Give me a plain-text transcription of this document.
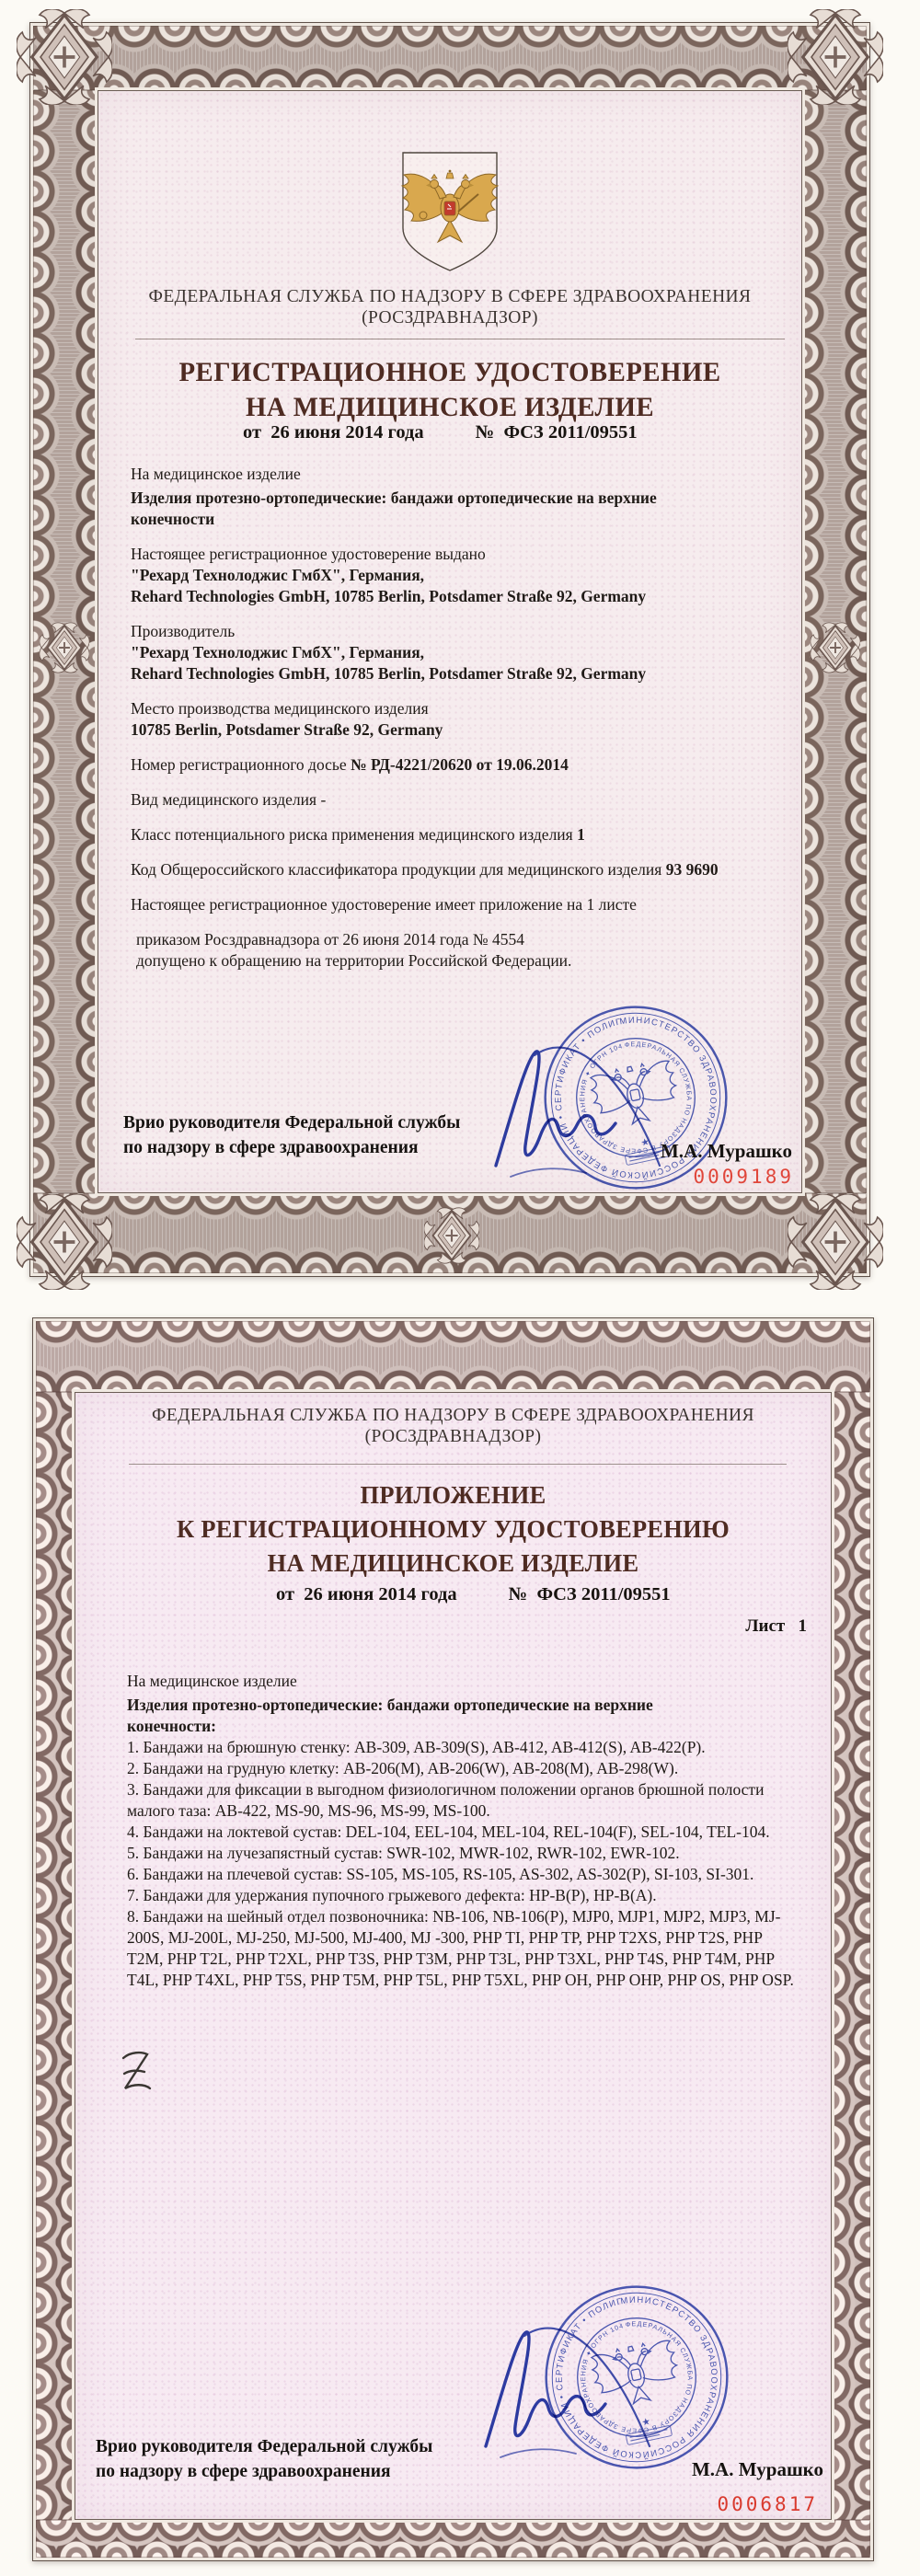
ФЕДЕРАЛЬНАЯ СЛУЖБА ПО НАДЗОРУ В СФЕРЕ ЗДРАВООХРАНЕНИЯ
(РОСЗДРАВНАДЗОР)
РЕГИСТРАЦИОННОЕ УДОСТОВЕРЕНИЕ
НА МЕДИЦИНСКОЕ ИЗДЕЛИЕ
от  26 июня 2014 года	№  ФСЗ 2011/09551
На медицинское изделие
Изделия протезно-ортопедические: бандажи ортопедические на верхние конечности
Настоящее регистрационное удостоверение выдано
"Рехард Технолоджис ГмбХ", Германия,
Rehard Technologies GmbH, 10785 Berlin, Potsdamer Straße 92, Germany
Производитель
"Рехард Технолоджис ГмбХ", Германия,
Rehard Technologies GmbH, 10785 Berlin, Potsdamer Straße 92, Germany
Место производства медицинского изделия
10785 Berlin, Potsdamer Straße 92, Germany
Номер регистрационного досье № РД-4221/20620 от 19.06.2014
Вид медицинского изделия -
Класс потенциального риска применения медицинского изделия 1
Код Общероссийского классификатора продукции для медицинского изделия 93 9690
Настоящее регистрационное удостоверение имеет приложение на 1 листе
приказом Росздравнадзора от 26 июня 2014 года № 4554
допущено к обращению на территории Российской Федерации.
Врио руководителя Федеральной службы
по надзору в сфере здравоохранения	М.А. Мурашко
0009189
ФЕДЕРАЛЬНАЯ СЛУЖБА ПО НАДЗОРУ В СФЕРЕ ЗДРАВООХРАНЕНИЯ
(РОСЗДРАВНАДЗОР)
ПРИЛОЖЕНИЕ
К РЕГИСТРАЦИОННОМУ УДОСТОВЕРЕНИЮ
НА МЕДИЦИНСКОЕ ИЗДЕЛИЕ
от  26 июня 2014 года	№  ФСЗ 2011/09551
Лист   1
На медицинское изделие
Изделия протезно-ортопедические: бандажи ортопедические на верхние конечности:
1. Бандажи на брюшную стенку: AB-309, AB-309(S), AB-412, AB-412(S), AB-422(P).
2. Бандажи на грудную клетку: AB-206(M), AB-206(W), AB-208(M), AB-298(W).
3. Бандажи для фиксации в выгодном физиологичном положении органов брюшной полости малого таза: AB-422, MS-90, MS-96, MS-99, MS-100.
4. Бандажи на локтевой сустав: DEL-104, EEL-104, MEL-104, REL-104(F), SEL-104, TEL-104.
5. Бандажи на лучезапястный сустав: SWR-102, MWR-102, RWR-102, EWR-102.
6. Бандажи на плечевой сустав: SS-105, MS-105, RS-105, AS-302, AS-302(P), SI-103, SI-301.
7. Бандажи для удержания пупочного грыжевого дефекта: HP-B(P), HP-B(A).
8. Бандажи на шейный отдел позвоночника: NB-106, NB-106(P), MJP0, MJP1, MJP2, MJP3, MJ-200S, MJ-200L, MJ-250, MJ-500, MJ-400, MJ -300, PHP TI, PHP TP, PHP T2XS, PHP T2S, PHP T2M, PHP T2L, PHP T2XL, PHP T3S, PHP T3M, PHP T3L, PHP T3XL, PHP T4S, PHP T4M, PHP T4L, PHP T4XL, PHP T5S, PHP T5M, PHP T5L, PHP T5XL, PHP OH, PHP OHP, PHP OS, PHP OSP.
Врио руководителя Федеральной службы
по надзору в сфере здравоохранения	М.А. Мурашко
0006817
